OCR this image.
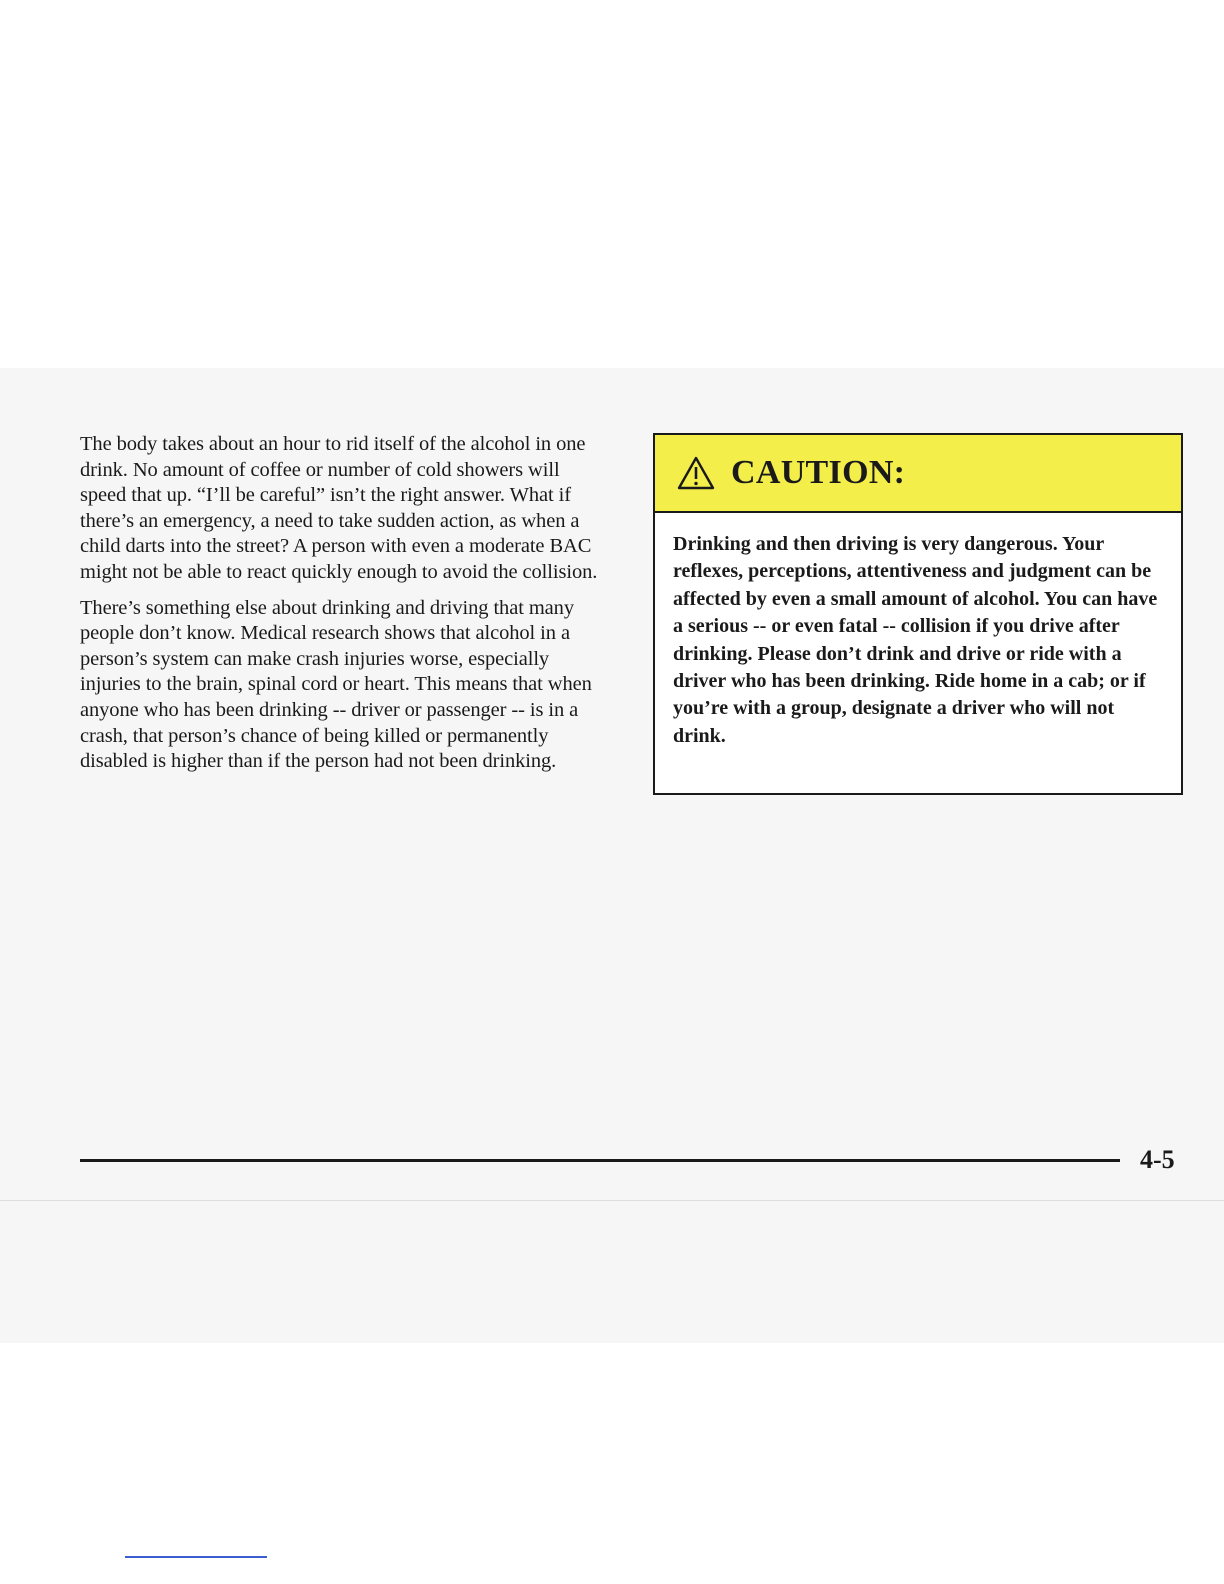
The body takes about an hour to rid itself of the alcohol in one drink. No amount of coffee or number of cold showers will speed that up. “I’ll be careful” isn’t the right answer. What if there’s an emergency, a need to take sudden action, as when a child darts into the street? A person with even a moderate BAC might not be able to react quickly enough to avoid the collision.

There’s something else about drinking and driving that many people don’t know. Medical research shows that alcohol in a person’s system can make crash injuries worse, especially injuries to the brain, spinal cord or heart. This means that when anyone who has been drinking -- driver or passenger -- is in a crash, that person’s chance of being killed or permanently disabled is higher than if the person had not been drinking.

CAUTION:

Drinking and then driving is very dangerous. Your reflexes, perceptions, attentiveness and judgment can be affected by even a small amount of alcohol. You can have a serious -- or even fatal -- collision if you drive after drinking. Please don’t drink and drive or ride with a driver who has been drinking. Ride home in a cab; or if you’re with a group, designate a driver who will not drink.

4-5
